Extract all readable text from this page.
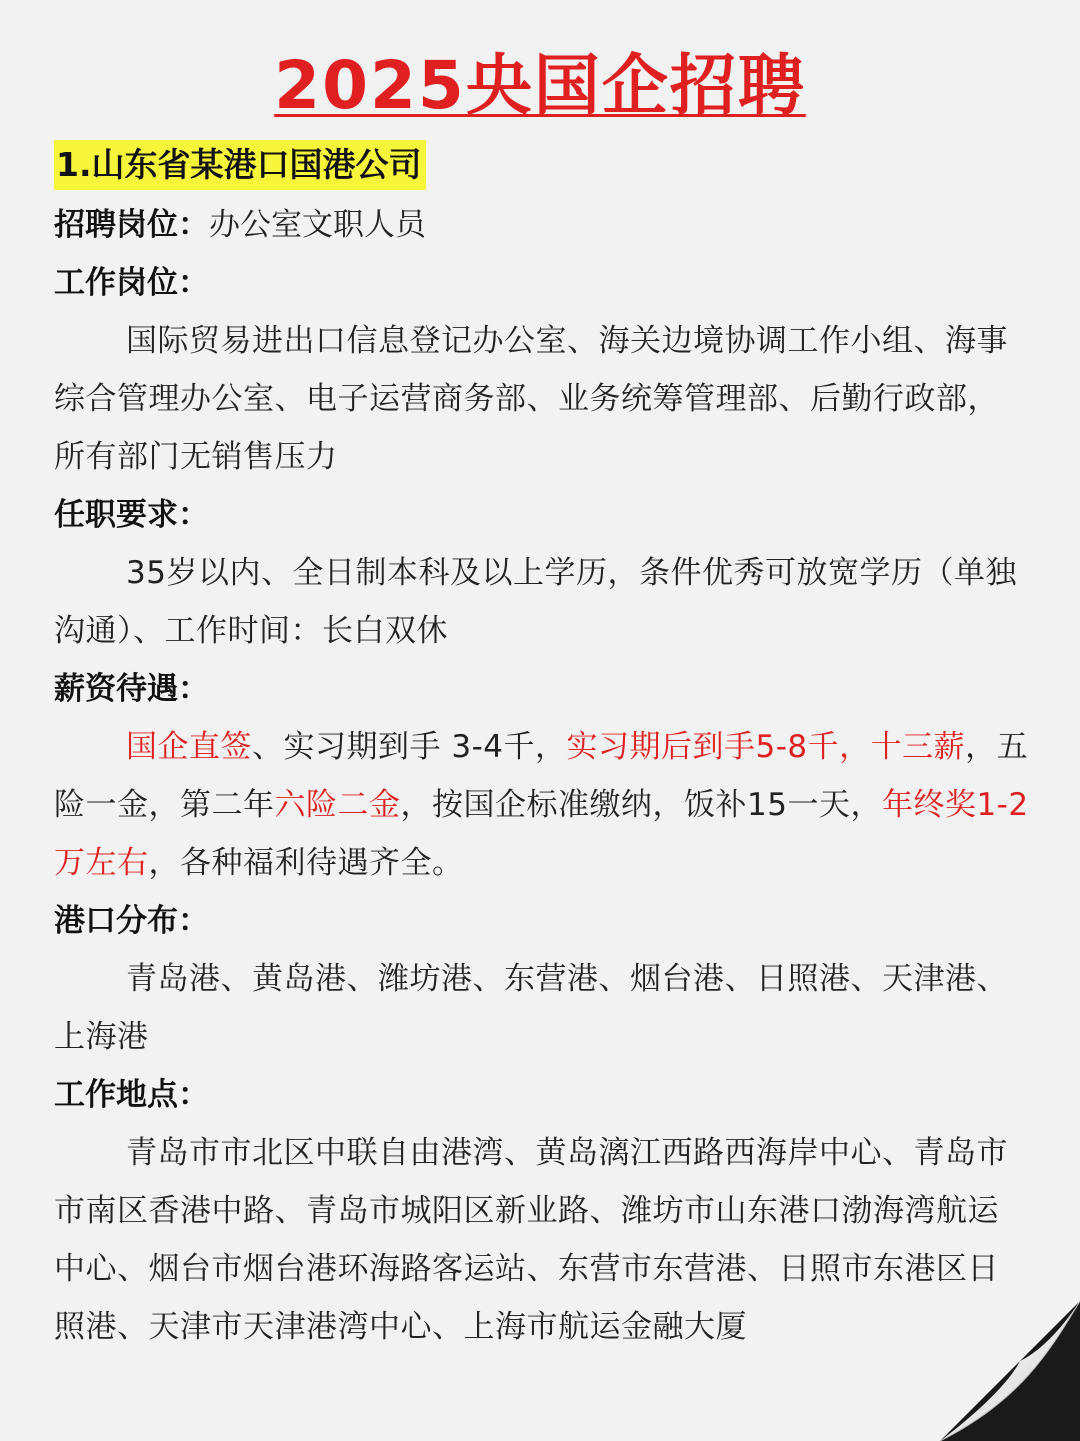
2025央国企招聘
1.山东省某港口国港公司
招聘岗位：办公室文职人员
工作岗位：
国际贸易进出口信息登记办公室、海关边境协调工作小组、海事综合管理办公室、电子运营商务部、业务统筹管理部、后勤行政部，所有部门无销售压力
任职要求：
35岁以内、全日制本科及以上学历，条件优秀可放宽学历（单独沟通）、工作时间：长白双休
薪资待遇：
国企直签、实习期到手 3-4千，实习期后到手5-8千，十三薪，五险一金，第二年六险二金，按国企标准缴纳，饭补15一天，年终奖1-2万左右，各种福利待遇齐全。
港口分布：
青岛港、黄岛港、潍坊港、东营港、烟台港、日照港、天津港、上海港
工作地点：
青岛市市北区中联自由港湾、黄岛漓江西路西海岸中心、青岛市市南区香港中路、青岛市城阳区新业路、潍坊市山东港口渤海湾航运中心、烟台市烟台港环海路客运站、东营市东营港、日照市东港区日照港、天津市天津港湾中心、上海市航运金融大厦
